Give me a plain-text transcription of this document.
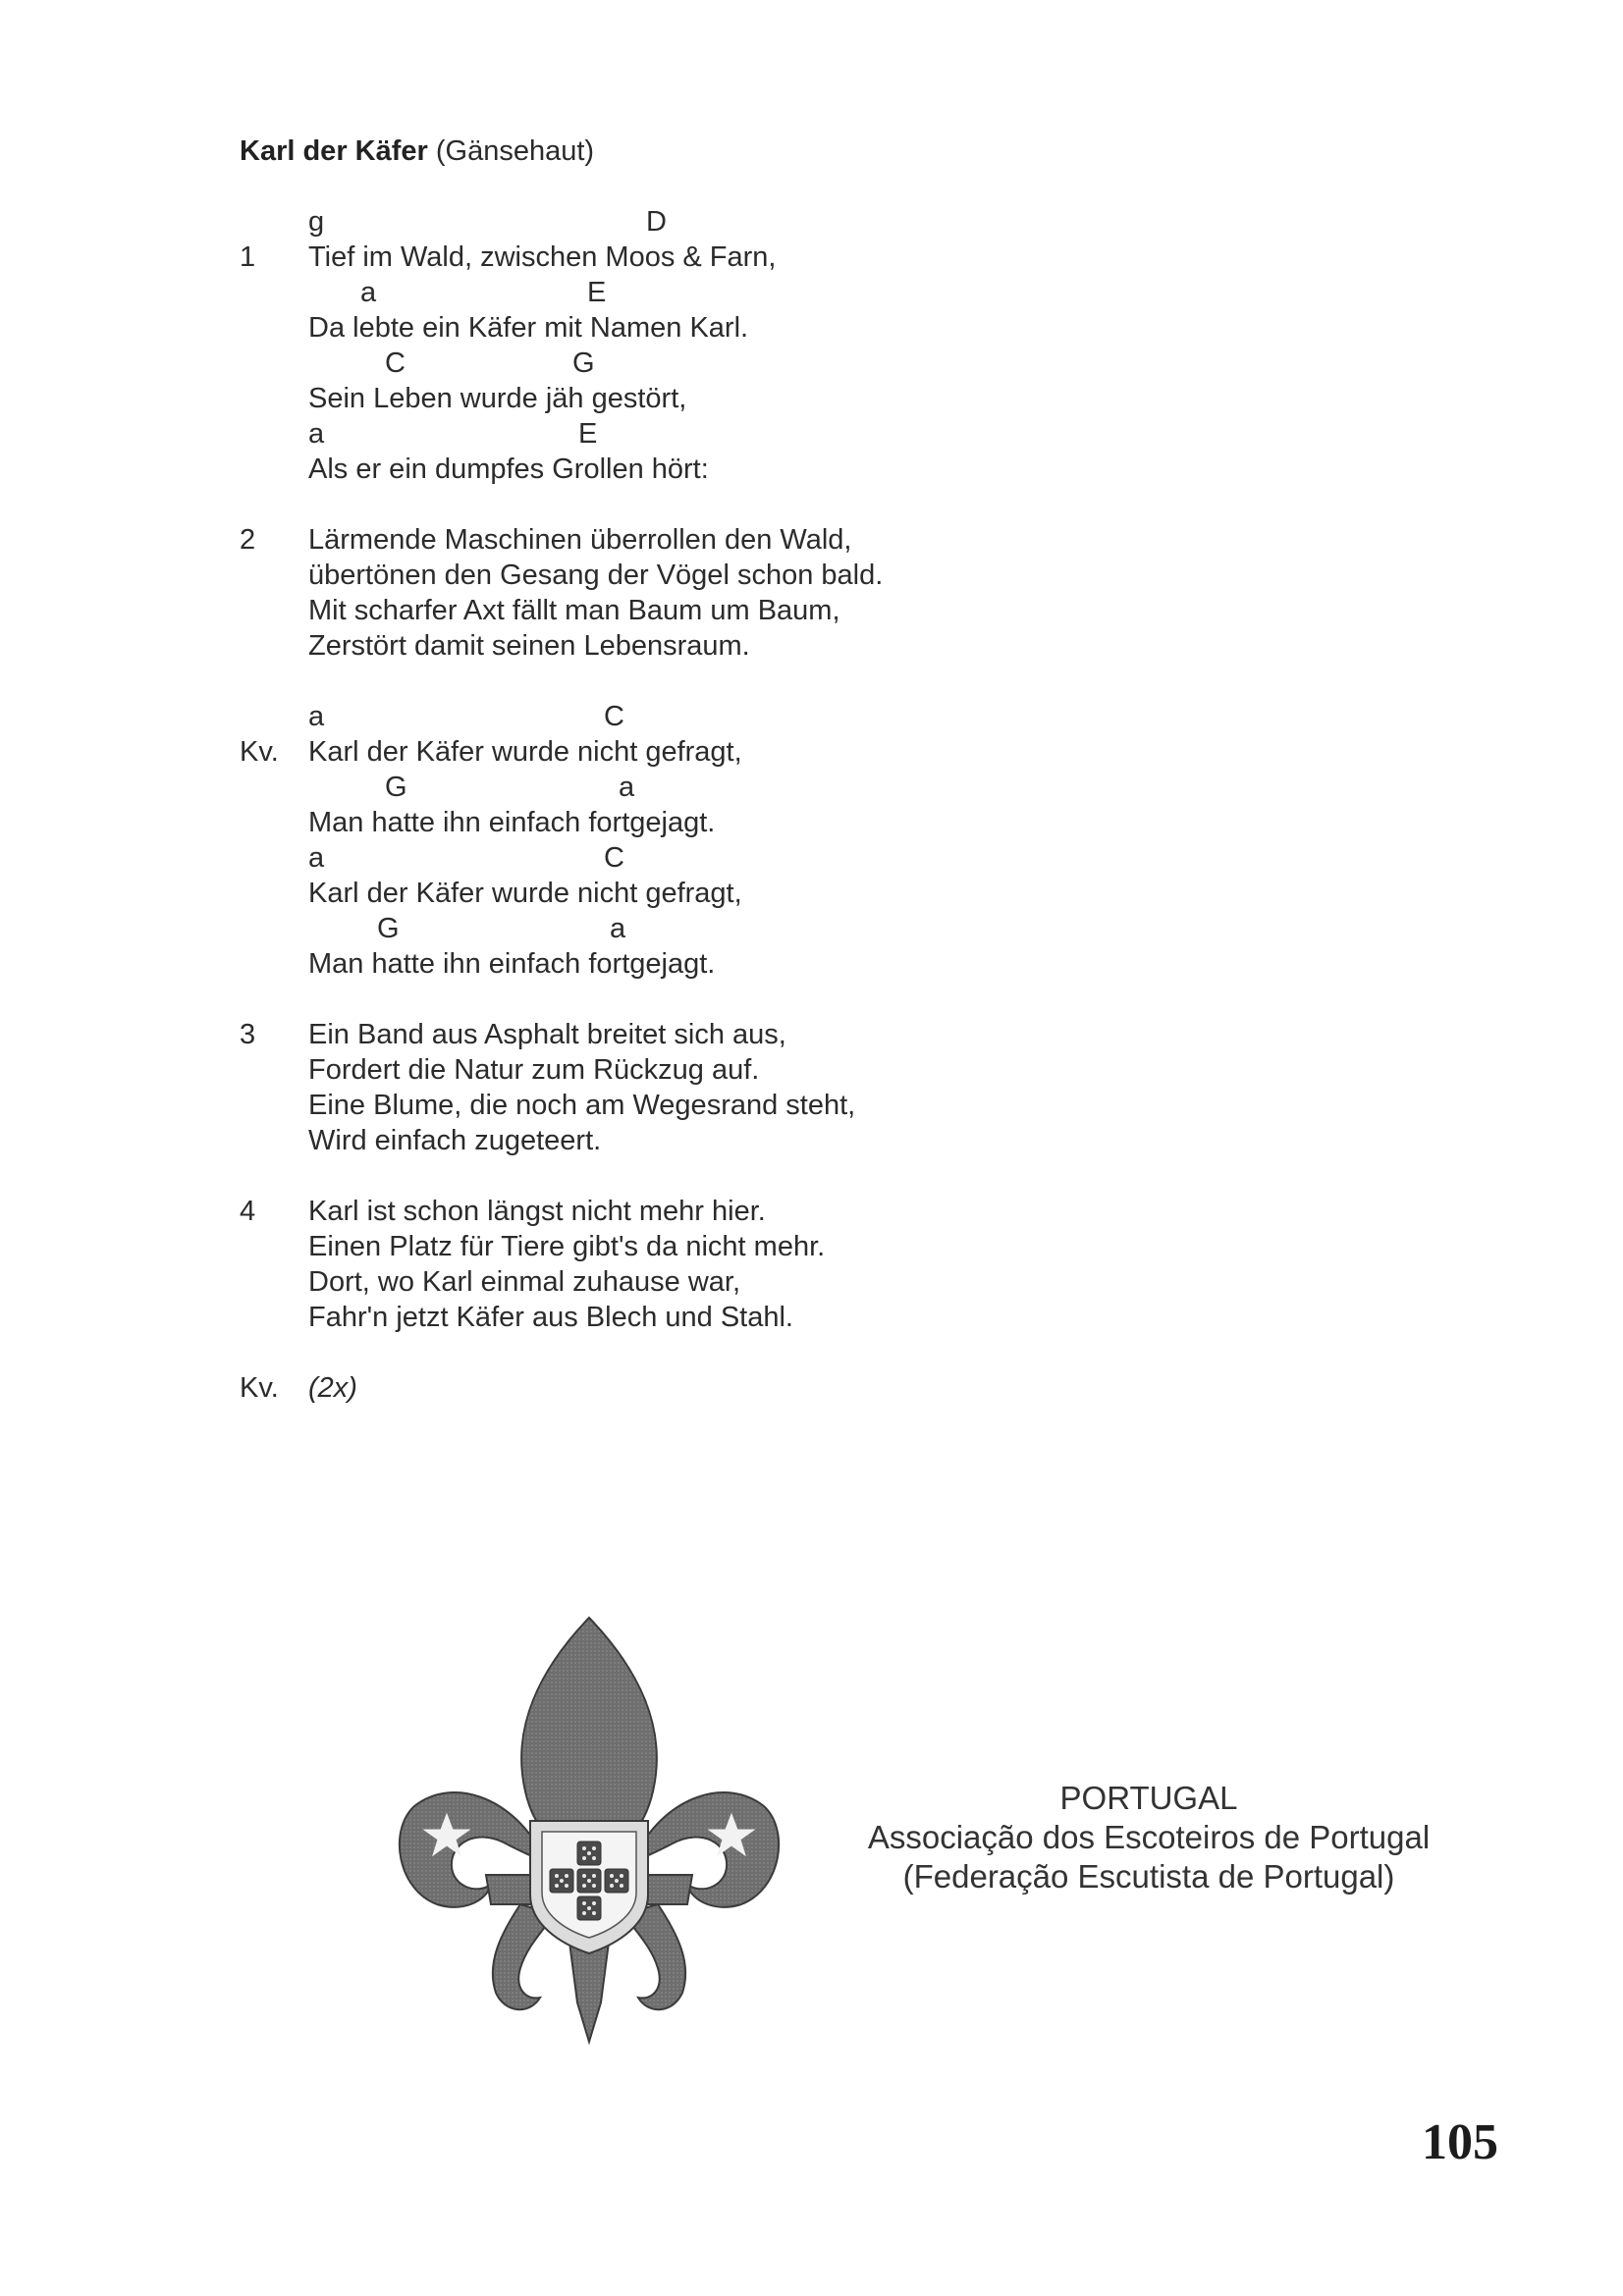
Karl der Käfer (Gänsehaut)
g	D
1 Tief im Wald, zwischen Moos & Farn,
a	E
Da lebte ein Käfer mit Namen Karl.
C	G
Sein Leben wurde jäh gestört,
a	E
Als er ein dumpfes Grollen hört:
2 Lärmende Maschinen überrollen den Wald,
übertönen den Gesang der Vögel schon bald.
Mit scharfer Axt fällt man Baum um Baum,
Zerstört damit seinen Lebensraum.
a	C
Kv. Karl der Käfer wurde nicht gefragt,
G	a
Man hatte ihn einfach fortgejagt.
a	C
Karl der Käfer wurde nicht gefragt,
G	a
Man hatte ihn einfach fortgejagt.
3 Ein Band aus Asphalt breitet sich aus,
Fordert die Natur zum Rückzug auf.
Eine Blume, die noch am Wegesrand steht,
Wird einfach zugeteert.
4 Karl ist schon längst nicht mehr hier.
Einen Platz für Tiere gibt's da nicht mehr.
Dort, wo Karl einmal zuhause war,
Fahr'n jetzt Käfer aus Blech und Stahl.
Kv. (2x)
PORTUGAL
Associação dos Escoteiros de Portugal
(Federação Escutista de Portugal)
105
